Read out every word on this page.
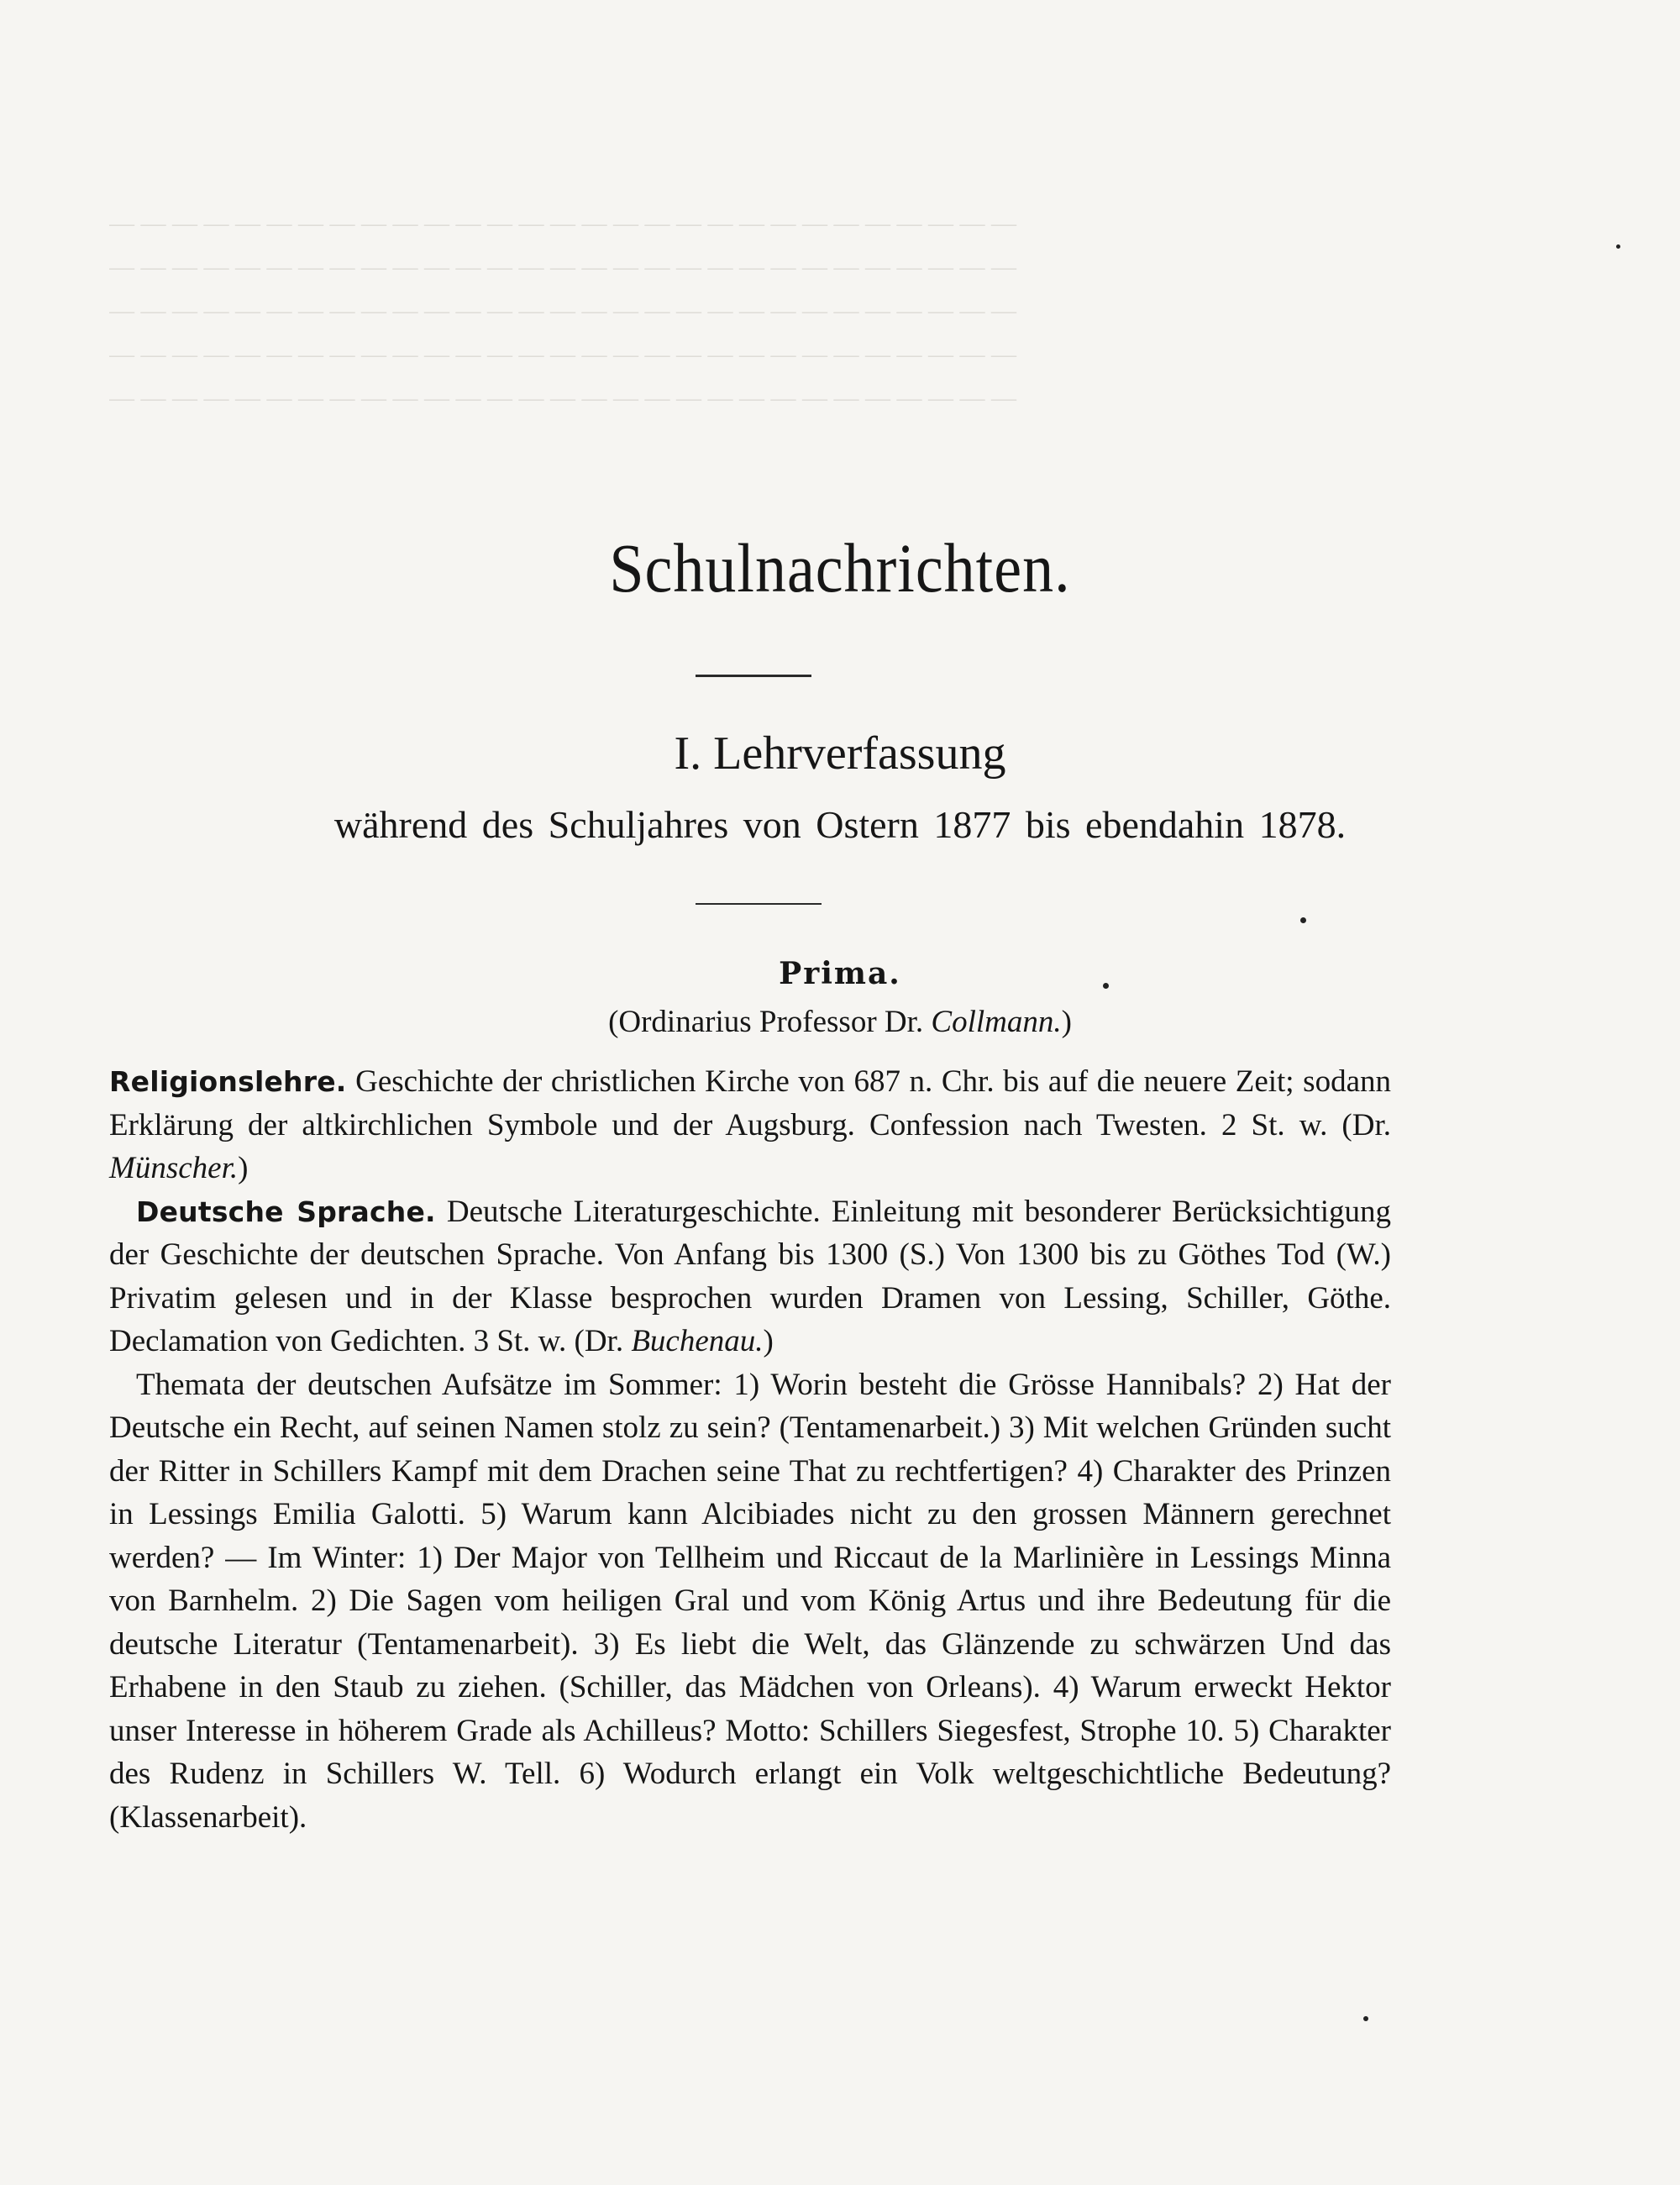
— — — — — — — — — — — — — — — — — — — — — — — — — — — — —
— — — — — — — — — — — — — — — — — — — — — — — — — — — — —
— — — — — — — — — — — — — — — — — — — — — — — — — — — — —
— — — — — — — — — — — — — — — — — — — — — — — — — — — — —
— — — — — — — — — — — — — — — — — — — — — — — — — — — — —
Schulnachrichten.
I. Lehrverfassung
während des Schuljahres von Ostern 1877 bis ebendahin 1878.
Prima.
(Ordinarius Professor Dr. Collmann.)

Religionslehre. Geschichte der christlichen Kirche von 687 n. Chr. bis auf die neuere Zeit; sodann Erklärung der altkirchlichen Symbole und der Augsburg. Confession nach Twesten. 2 St. w. (Dr. Münscher.)

Deutsche Sprache. Deutsche Literaturgeschichte. Einleitung mit besonderer Berücksichtigung der Geschichte der deutschen Sprache. Von Anfang bis 1300 (S.) Von 1300 bis zu Göthes Tod (W.) Privatim gelesen und in der Klasse besprochen wurden Dramen von Lessing, Schiller, Göthe. Declamation von Gedichten. 3 St. w. (Dr. Buchenau.)

Themata der deutschen Aufsätze im Sommer: 1) Worin besteht die Grösse Hannibals? 2) Hat der Deutsche ein Recht, auf seinen Namen stolz zu sein? (Tentamenarbeit.) 3) Mit welchen Gründen sucht der Ritter in Schillers Kampf mit dem Drachen seine That zu rechtfertigen? 4) Charakter des Prinzen in Lessings Emilia Galotti. 5) Warum kann Alcibiades nicht zu den grossen Männern gerechnet werden? — Im Winter: 1) Der Major von Tellheim und Riccaut de la Marlinière in Lessings Minna von Barnhelm. 2) Die Sagen vom heiligen Gral und vom König Artus und ihre Bedeutung für die deutsche Literatur (Tentamenarbeit). 3) Es liebt die Welt, das Glänzende zu schwärzen Und das Erhabene in den Staub zu ziehen. (Schiller, das Mädchen von Orleans). 4) Warum erweckt Hektor unser Interesse in höherem Grade als Achilleus? Motto: Schillers Siegesfest, Strophe 10. 5) Charakter des Rudenz in Schillers W. Tell. 6) Wodurch erlangt ein Volk weltgeschichtliche Bedeutung? (Klassenarbeit).
